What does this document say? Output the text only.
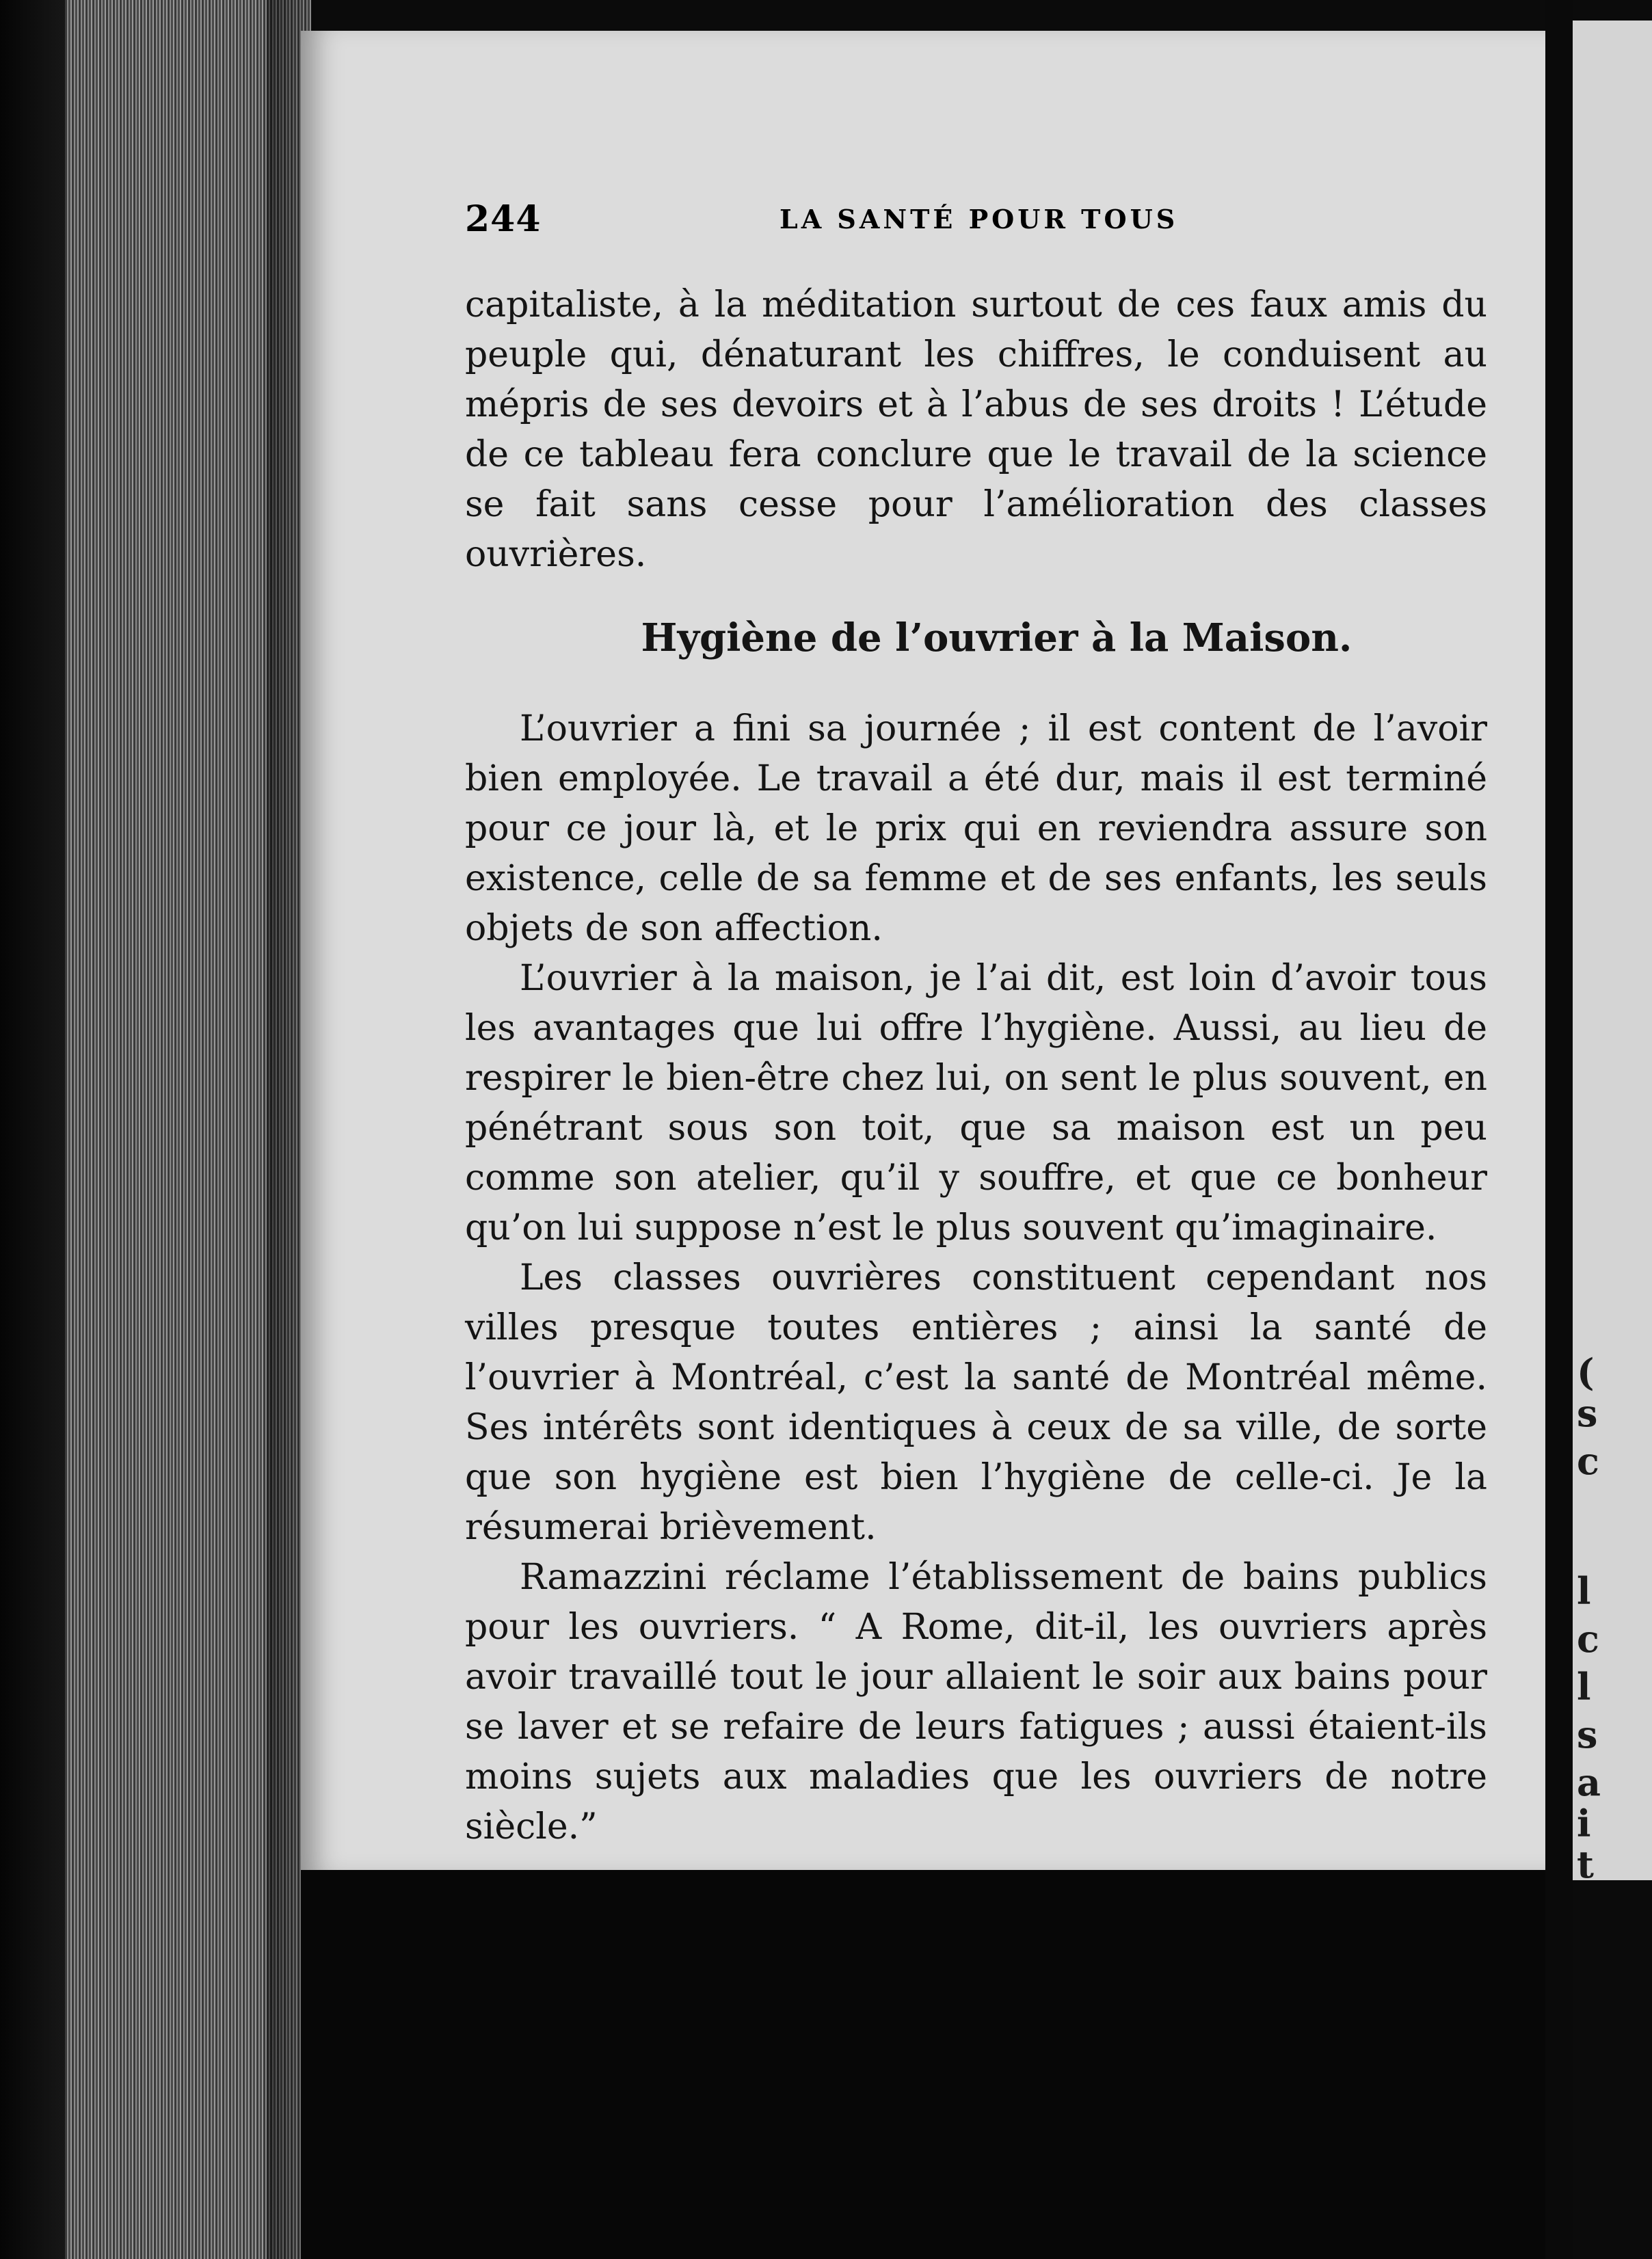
(
s
c
l
c
l
s
a
i
t
244	LA SANTÉ POUR TOUS

capitaliste, à la méditation surtout de ces faux amis du peuple qui, dénaturant les chiffres, le conduisent au mépris de ses devoirs et à l’abus de ses droits ! L’étude de ce tableau fera conclure que le travail de la science se fait sans cesse pour l’amélioration des classes ouvrières.

Hygiène de l’ouvrier à la Maison.

L’ouvrier a fini sa journée ; il est content de l’avoir bien employée. Le travail a été dur, mais il est terminé pour ce jour là, et le prix qui en reviendra assure son existence, celle de sa femme et de ses enfants, les seuls objets de son affection.

L’ouvrier à la maison, je l’ai dit, est loin d’avoir tous les avantages que lui offre l’hygiène. Aussi, au lieu de respirer le bien-être chez lui, on sent le plus souvent, en pénétrant sous son toit, que sa maison est un peu comme son atelier, qu’il y souffre, et que ce bonheur qu’on lui suppose n’est le plus souvent qu’imaginaire.

Les classes ouvrières constituent cependant nos villes presque toutes entières ; ainsi la santé de l’ouvrier à Montréal, c’est la santé de Montréal même. Ses intérêts sont identiques à ceux de sa ville, de sorte que son hygiène est bien l’hygiène de celle-ci. Je la résumerai brièvement.

Ramazzini réclame l’établissement de bains publics pour les ouvriers. “ A Rome, dit-il, les ouvriers après avoir travaillé tout le jour allaient le soir aux bains pour se laver et se refaire de leurs fatigues ; aussi étaient-ils moins sujets aux maladies que les ouvriers de notre siècle.”
